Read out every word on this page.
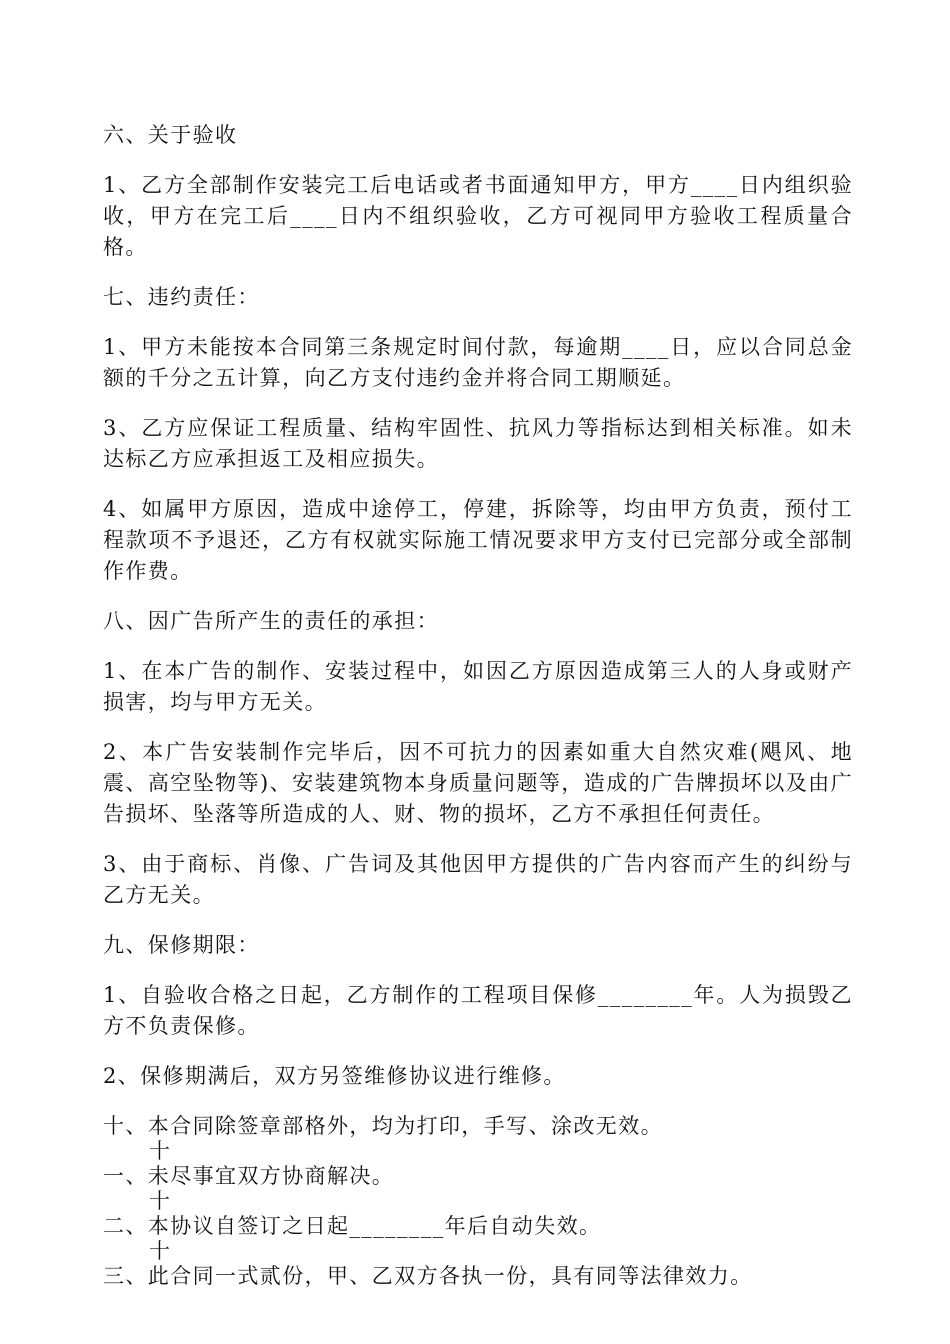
六、关于验收

1、乙方全部制作安装完工后电话或者书面通知甲方，甲方____日内组织验收，甲方在完工后____日内不组织验收，乙方可视同甲方验收工程质量合格。

七、违约责任：

1、甲方未能按本合同第三条规定时间付款，每逾期____日，应以合同总金额的千分之五计算，向乙方支付违约金并将合同工期顺延。

3、乙方应保证工程质量、结构牢固性、抗风力等指标达到相关标准。如未达标乙方应承担返工及相应损失。

4、如属甲方原因，造成中途停工，停建，拆除等，均由甲方负责，预付工程款项不予退还，乙方有权就实际施工情况要求甲方支付已完部分或全部制作作费。

八、因广告所产生的责任的承担：

1、在本广告的制作、安装过程中，如因乙方原因造成第三人的人身或财产损害，均与甲方无关。

2、本广告安装制作完毕后，因不可抗力的因素如重大自然灾难(飓风、地震、高空坠物等)、安装建筑物本身质量问题等，造成的广告牌损坏以及由广告损坏、坠落等所造成的人、财、物的损坏，乙方不承担任何责任。

3、由于商标、肖像、广告词及其他因甲方提供的广告内容而产生的纠纷与乙方无关。

九、保修期限：

1、自验收合格之日起，乙方制作的工程项目保修________年。人为损毁乙方不负责保修。

2、保修期满后，双方另签维修协议进行维修。

十、本合同除签章部格外，均为打印，手写、涂改无效。

十
一、未尽事宜双方协商解决。
十
二、本协议自签订之日起________年后自动失效。
十
三、此合同一式贰份，甲、乙双方各执一份，具有同等法律效力。
